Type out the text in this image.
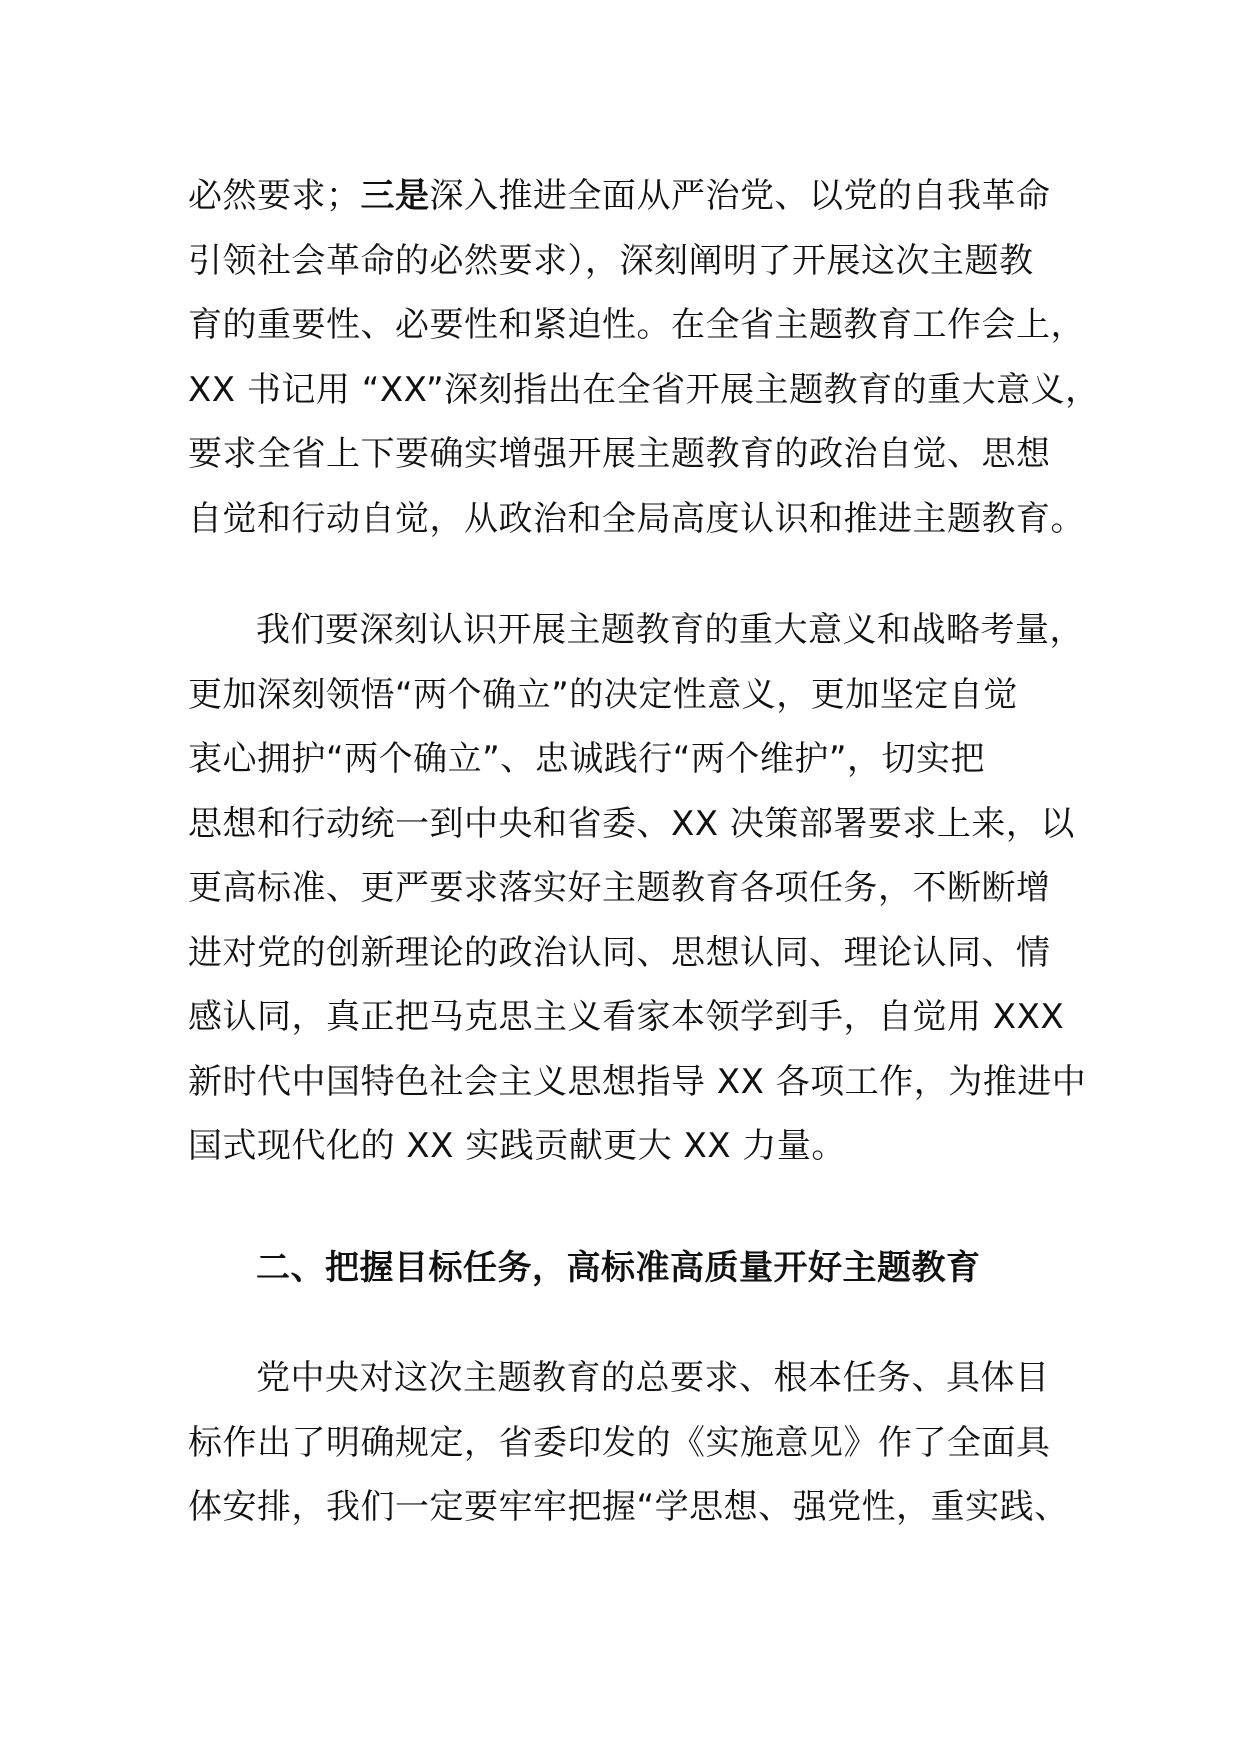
必然要求；三是深入推进全面从严治党、以党的自我革命
引领社会革命的必然要求），深刻阐明了开展这次主题教
育的重要性、必要性和紧迫性。在全省主题教育工作会上，
XX 书记用 “XX”深刻指出在全省开展主题教育的重大意义，
要求全省上下要确实增强开展主题教育的政治自觉、思想
自觉和行动自觉，从政治和全局高度认识和推进主题教育。
我们要深刻认识开展主题教育的重大意义和战略考量，
更加深刻领悟“两个确立”的决定性意义，更加坚定自觉
衷心拥护“两个确立”、忠诚践行“两个维护”，切实把
思想和行动统一到中央和省委、XX 决策部署要求上来，以
更高标准、更严要求落实好主题教育各项任务，不断断增
进对党的创新理论的政治认同、思想认同、理论认同、情
感认同，真正把马克思主义看家本领学到手，自觉用 XXX
新时代中国特色社会主义思想指导 XX 各项工作，为推进中
国式现代化的 XX 实践贡献更大 XX 力量。
二、把握目标任务，高标准高质量开好主题教育
党中央对这次主题教育的总要求、根本任务、具体目
标作出了明确规定，省委印发的《实施意见》作了全面具
体安排，我们一定要牢牢把握“学思想、强党性，重实践、
